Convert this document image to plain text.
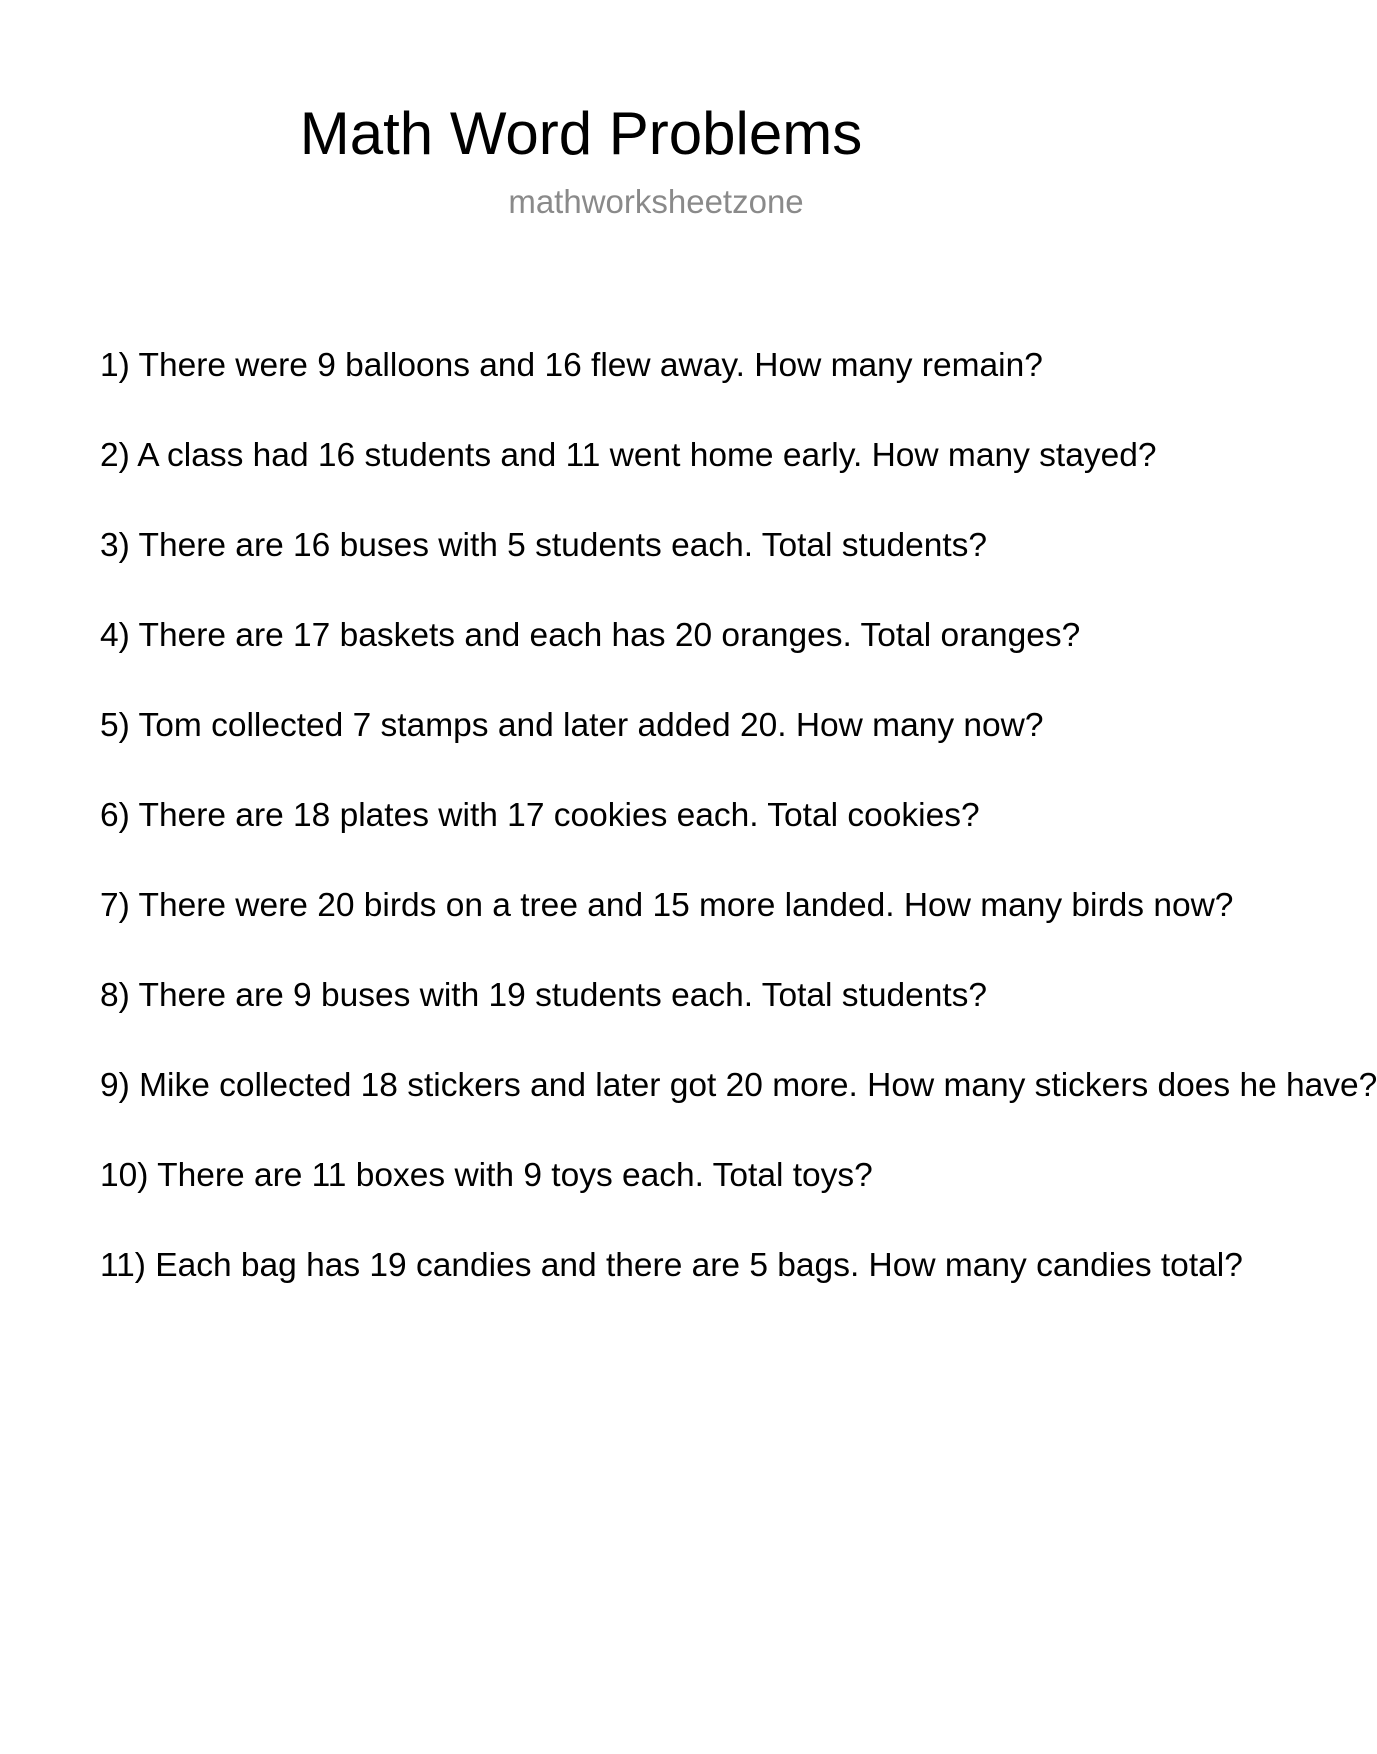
Math Word Problems
mathworksheetzone
1) There were 9 balloons and 16 flew away. How many remain?
2) A class had 16 students and 11 went home early. How many stayed?
3) There are 16 buses with 5 students each. Total students?
4) There are 17 baskets and each has 20 oranges. Total oranges?
5) Tom collected 7 stamps and later added 20. How many now?
6) There are 18 plates with 17 cookies each. Total cookies?
7) There were 20 birds on a tree and 15 more landed. How many birds now?
8) There are 9 buses with 19 students each. Total students?
9) Mike collected 18 stickers and later got 20 more. How many stickers does he have?
10) There are 11 boxes with 9 toys each. Total toys?
11) Each bag has 19 candies and there are 5 bags. How many candies total?
